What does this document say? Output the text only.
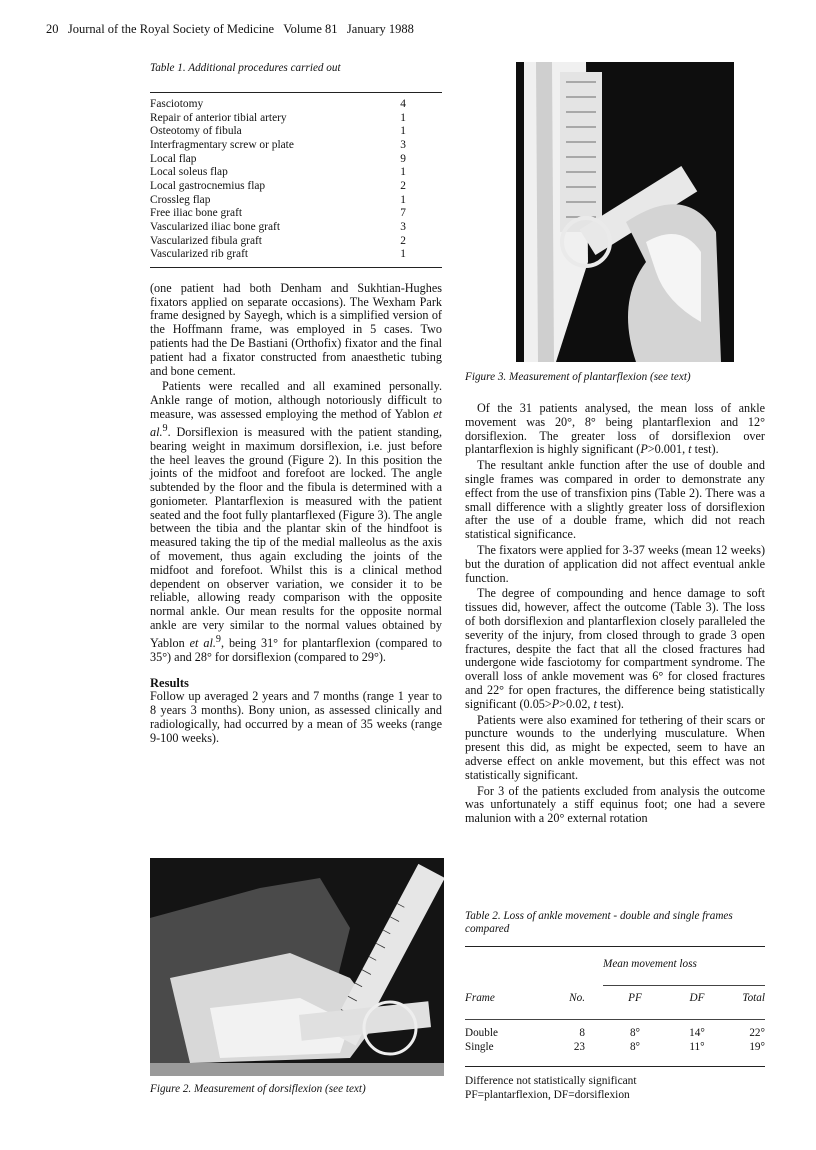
20 Journal of the Royal Society of Medicine Volume 81 January 1988
Table 1. Additional procedures carried out
Fasciotomy	4
Repair of anterior tibial artery	1
Osteotomy of fibula	1
Interfragmentary screw or plate	3
Local flap	9
Local soleus flap	1
Local gastrocnemius flap	2
Crossleg flap	1
Free iliac bone graft	7
Vascularized iliac bone graft	3
Vascularized fibula graft	2
Vascularized rib graft	1

(one patient had both Denham and Sukhtian-Hughes fixators applied on separate occasions). The Wexham Park frame designed by Sayegh, which is a simplified version of the Hoffmann frame, was employed in 5 cases. Two patients had the De Bastiani (Orthofix) fixator and the final patient had a fixator constructed from anaesthetic tubing and bone cement.

Patients were recalled and all examined personally. Ankle range of motion, although notoriously difficult to measure, was assessed employing the method of Yablon et al.$^9$. Dorsiflexion is measured with the patient standing, bearing weight in maximum dorsiflexion, i.e. just before the heel leaves the ground (Figure 2). In this position the joints of the midfoot and forefoot are locked. The angle subtended by the floor and the fibula is determined with a goniometer. Plantarflexion is measured with the patient seated and the foot fully plantarflexed (Figure 3). The angle between the tibia and the plantar skin of the hindfoot is measured taking the tip of the medial malleolus as the axis of movement, thus again excluding the joints of the midfoot and forefoot. Whilst this is a clinical method dependent on observer variation, we consider it to be reliable, allowing ready comparison with the opposite normal ankle. Our mean results for the opposite normal ankle are very similar to the normal values obtained by Yablon et al.$^9$, being 31° for plantarflexion (compared to 35°) and 28° for dorsiflexion (compared to 29°).

Results

Follow up averaged 2 years and 7 months (range 1 year to 8 years 3 months). Bony union, as assessed clinically and radiologically, had occurred by a mean of 35 weeks (range 9-100 weeks).

Figure 2. Measurement of dorsiflexion (see text)
Figure 3. Measurement of plantarflexion (see text)

Of the 31 patients analysed, the mean loss of ankle movement was 20°, 8° being plantarflexion and 12° dorsiflexion. The greater loss of dorsiflexion over plantarflexion is highly significant (P>0.001, t test).

The resultant ankle function after the use of double and single frames was compared in order to demonstrate any effect from the use of transfixion pins (Table 2). There was a small difference with a slightly greater loss of dorsiflexion after the use of a double frame, which did not reach statistical significance.

The fixators were applied for 3-37 weeks (mean 12 weeks) but the duration of application did not affect eventual ankle function.

The degree of compounding and hence damage to soft tissues did, however, affect the outcome (Table 3). The loss of both dorsiflexion and plantarflexion closely paralleled the severity of the injury, from closed through to grade 3 open fractures, despite the fact that all the closed fractures had undergone wide fasciotomy for compartment syndrome. The overall loss of ankle movement was 6° for closed fractures and 22° for open fractures, the difference being statistically significant (0.05>P>0.02, t test).

Patients were also examined for tethering of their scars or puncture wounds to the underlying musculature. When present this did, as might be expected, seem to have an adverse effect on ankle movement, but this effect was not statistically significant.

For 3 of the patients excluded from analysis the outcome was unfortunately a stiff equinus foot; one had a severe malunion with a 20° external rotation

Table 2. Loss of ankle movement - double and single frames compared
		Mean movement loss		

Frame	No.	PF	DF	Total

Double	8	8°	14°	22°
Single	23	8°	11°	19°
Difference not statistically significant
PF=plantarflexion, DF=dorsiflexion
